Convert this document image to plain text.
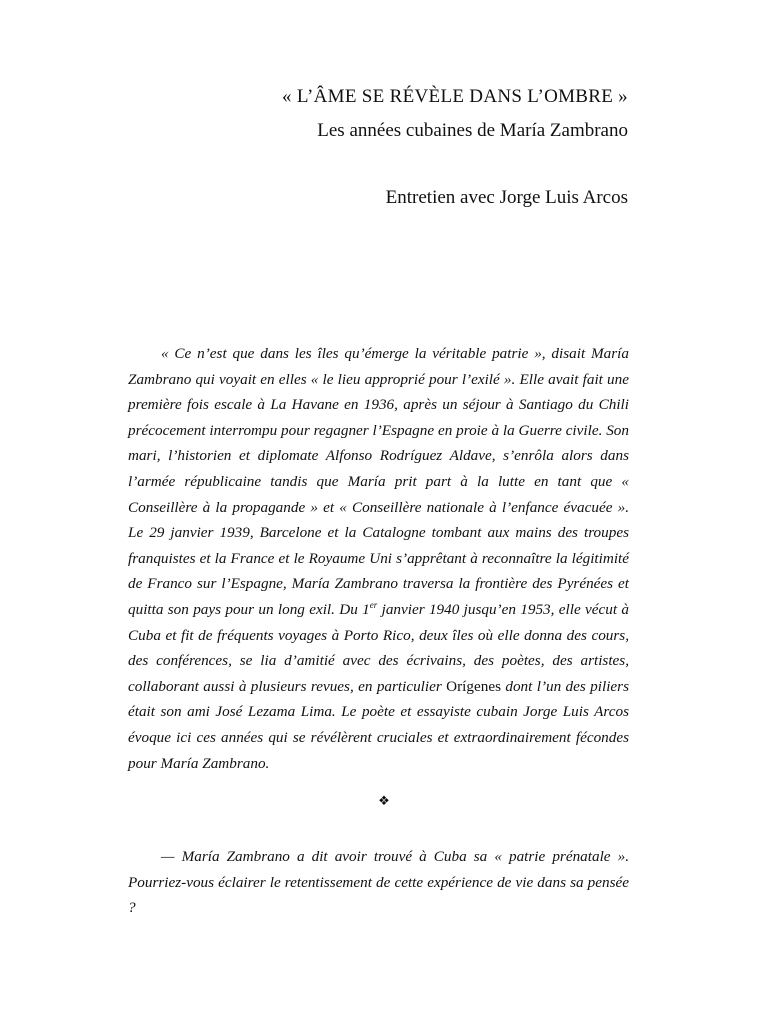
« L’ÂME SE RÉVÈLE DANS L’OMBRE »
Les années cubaines de María Zambrano
Entretien avec Jorge Luis Arcos

« Ce n’est que dans les îles qu’émerge la véritable patrie », disait María Zambrano qui voyait en elles « le lieu approprié pour l’exilé ». Elle avait fait une première fois escale à La Havane en 1936, après un séjour à Santiago du Chili précocement interrompu pour regagner l’Espagne en proie à la Guerre civile. Son mari, l’historien et diplomate Alfonso Rodríguez Aldave, s’enrôla alors dans l’armée républicaine tandis que María prit part à la lutte en tant que « Conseillère à la propagande » et « Conseillère nationale à l’enfance évacuée ». Le 29 janvier 1939, Barcelone et la Catalogne tombant aux mains des troupes franquistes et la France et le Royaume Uni s’apprêtant à reconnaître la légitimité de Franco sur l’Espagne, María Zambrano traversa la frontière des Pyrénées et quitta son pays pour un long exil. Du 1er janvier 1940 jusqu’en 1953, elle vécut à Cuba et fit de fréquents voyages à Porto Rico, deux îles où elle donna des cours, des conférences, se lia d’amitié avec des écrivains, des poètes, des artistes, collaborant aussi à plusieurs revues, en particulier Orígenes dont l’un des piliers était son ami José Lezama Lima. Le poète et essayiste cubain Jorge Luis Arcos évoque ici ces années qui se révélèrent cruciales et extraordinairement fécondes pour María Zambrano.

❖

— María Zambrano a dit avoir trouvé à Cuba sa « patrie prénatale ». Pourriez-vous éclairer le retentissement de cette expérience de vie dans sa pensée ?
